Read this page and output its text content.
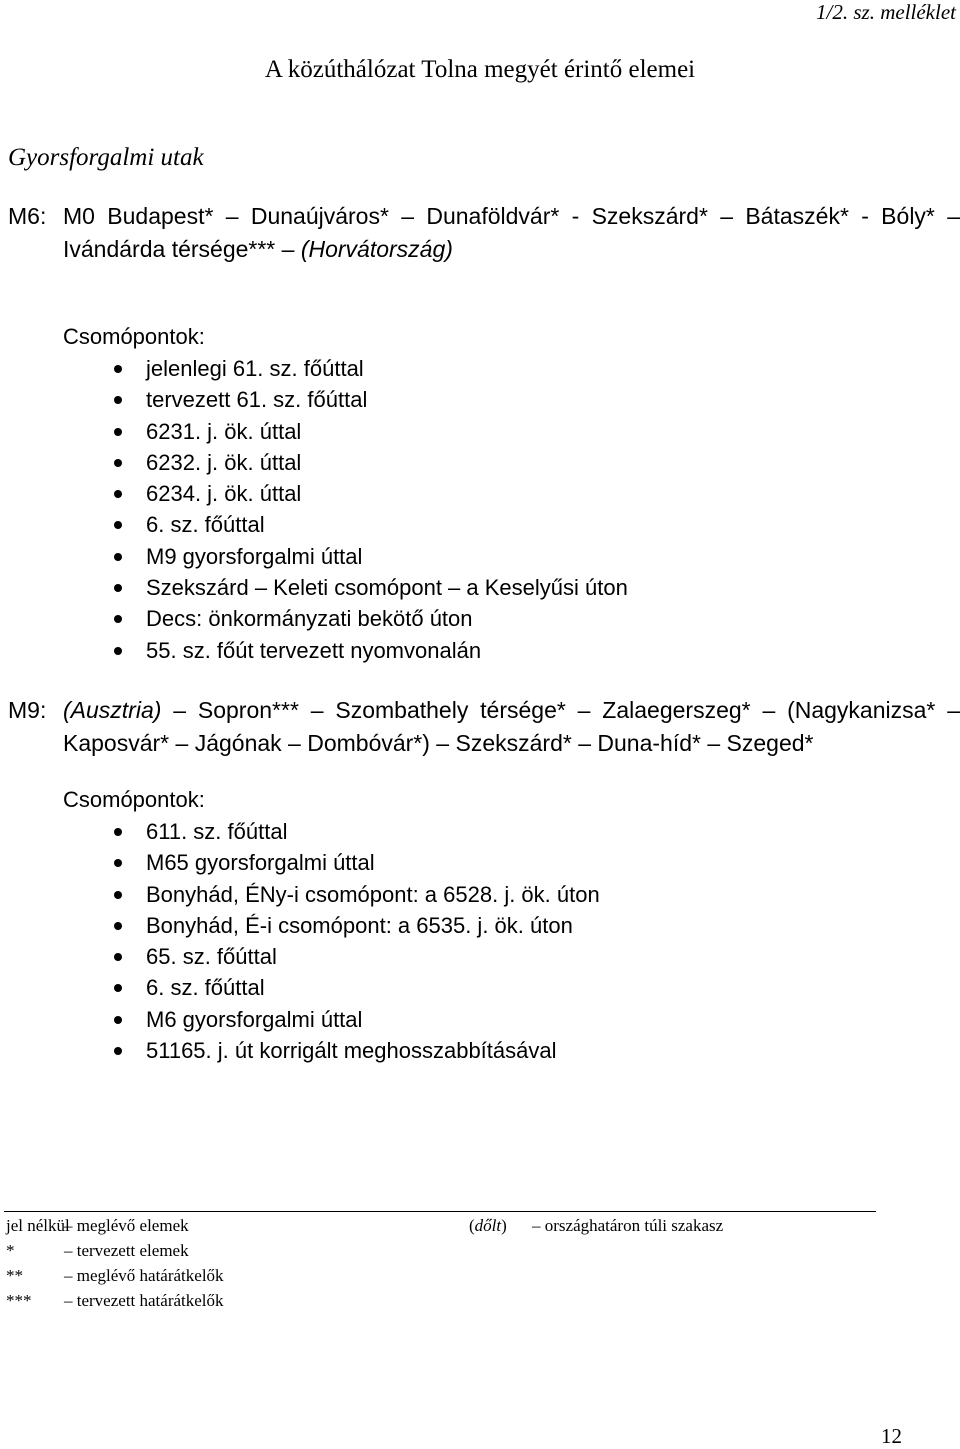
1/2. sz. melléklet
A közúthálózat Tolna megyét érintő elemei
Gyorsforgalmi utak
M6: M0 Budapest* – Dunaújváros* – Dunaföldvár* - Szekszárd* – Bátaszék* - Bóly* –

Ivándárda térsége*** – (Horvátország)

Csomópontok:
jelenlegi 61. sz. főúttal
tervezett 61. sz. főúttal
6231. j. ök. úttal
6232. j. ök. úttal
6234. j. ök. úttal
6. sz. főúttal
M9 gyorsforgalmi úttal
Szekszárd – Keleti csomópont – a Keselyűsi úton
Decs: önkormányzati bekötő úton
55. sz. főút tervezett nyomvonalán
M9: (Ausztria) – Sopron*** – Szombathely térsége* – Zalaegerszeg* – (Nagykanizsa* –

Kaposvár* – Jágónak – Dombóvár*) – Szekszárd* – Duna-híd* – Szeged*

Csomópontok:
611. sz. főúttal
M65 gyorsforgalmi úttal
Bonyhád, ÉNy-i csomópont: a 6528. j. ök. úton
Bonyhád, É-i csomópont: a 6535. j. ök. úton
65. sz. főúttal
6. sz. főúttal
M6 gyorsforgalmi úttal
51165. j. út korrigált meghosszabbításával
jel nélkül
– meglévő elemek	(dőlt) – országhatáron túli szakasz
*	– tervezett elemek
** – meglévő határátkelők
*** – tervezett határátkelők
12
